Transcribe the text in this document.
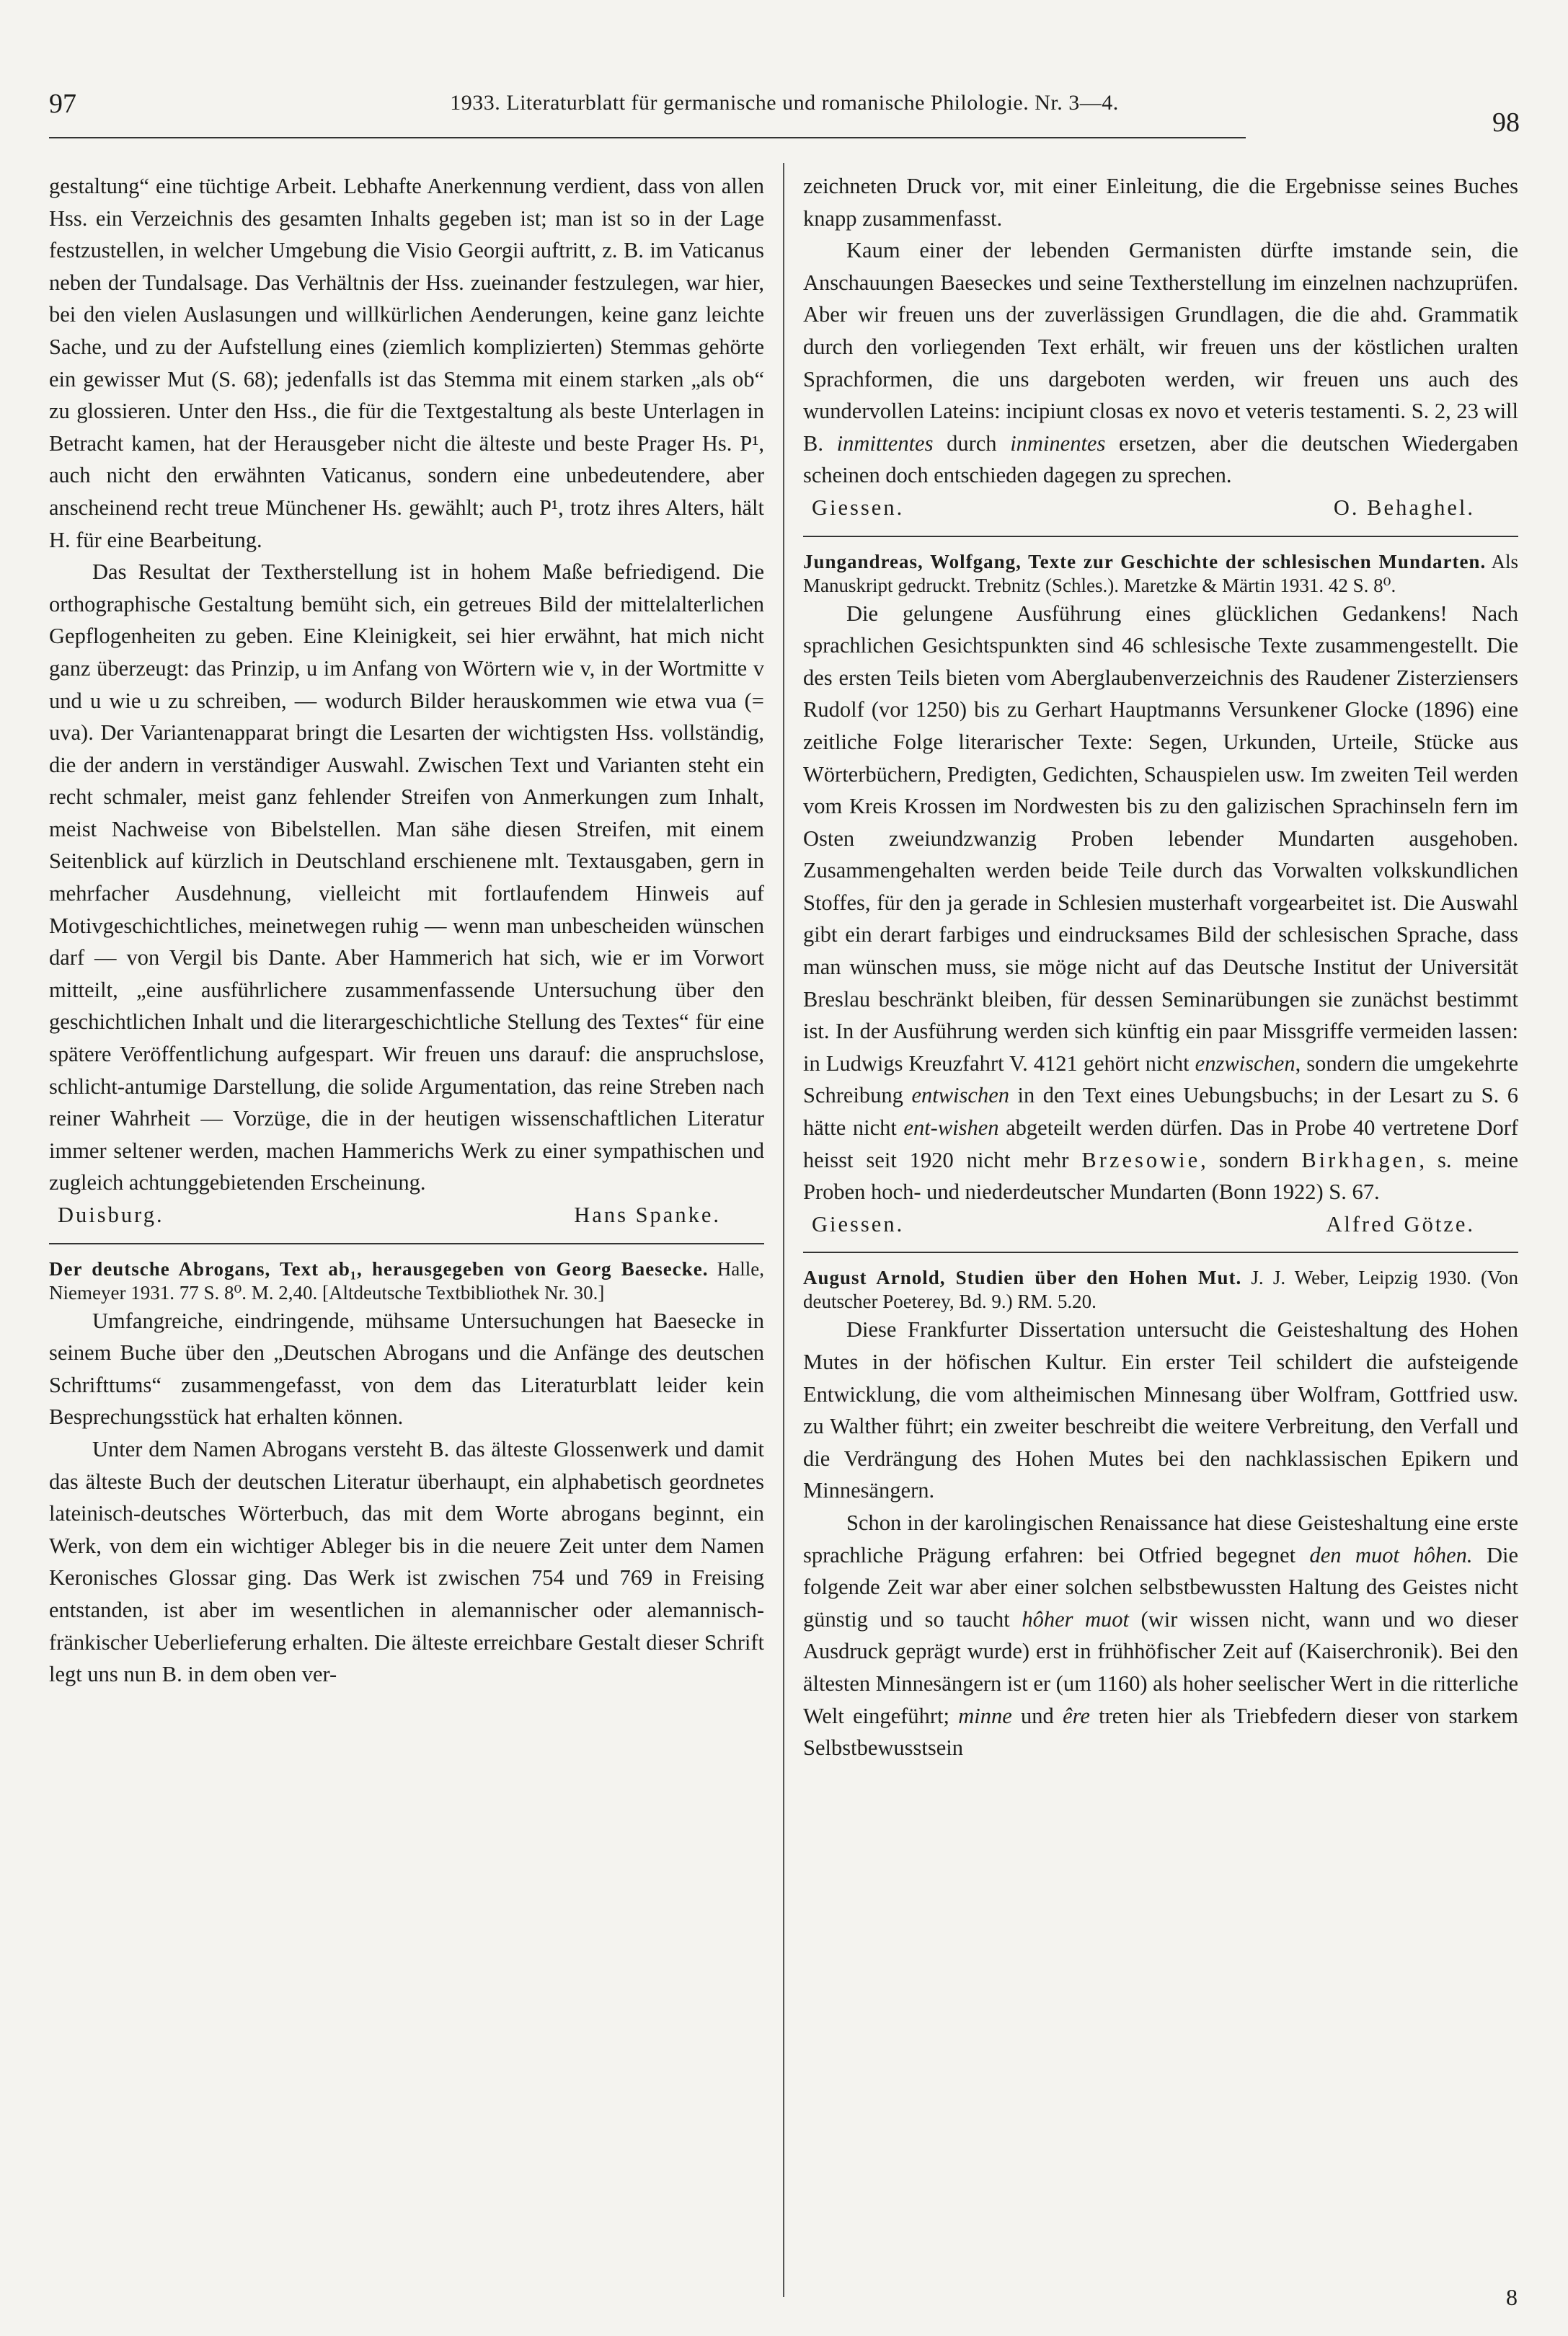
97	1933. Literaturblatt für germanische und romanische Philologie. Nr. 3—4.
98

gestaltung“ eine tüchtige Arbeit. Lebhafte Anerkennung verdient, dass von allen Hss. ein Verzeichnis des gesamten Inhalts gegeben ist; man ist so in der Lage festzustellen, in welcher Umgebung die Visio Georgii auftritt, z. B. im Vaticanus neben der Tundalsage. Das Verhältnis der Hss. zueinander festzulegen, war hier, bei den vielen Auslasungen und willkürlichen Aenderungen, keine ganz leichte Sache, und zu der Aufstellung eines (ziemlich komplizierten) Stemmas gehörte ein gewisser Mut (S. 68); jedenfalls ist das Stemma mit einem starken „als ob“ zu glossieren. Unter den Hss., die für die Textgestaltung als beste Unterlagen in Betracht kamen, hat der Herausgeber nicht die älteste und beste Prager Hs. P¹, auch nicht den erwähnten Vaticanus, sondern eine unbedeutendere, aber anscheinend recht treue Münchener Hs. gewählt; auch P¹, trotz ihres Alters, hält H. für eine Bearbeitung.

Das Resultat der Textherstellung ist in hohem Maße befriedigend. Die orthographische Gestaltung bemüht sich, ein getreues Bild der mittelalterlichen Gepflogenheiten zu geben. Eine Kleinigkeit, sei hier erwähnt, hat mich nicht ganz überzeugt: das Prinzip, u im Anfang von Wörtern wie v, in der Wortmitte v und u wie u zu schreiben, — wodurch Bilder herauskommen wie etwa vua (= uva). Der Variantenapparat bringt die Lesarten der wichtigsten Hss. vollständig, die der andern in verständiger Auswahl. Zwischen Text und Varianten steht ein recht schmaler, meist ganz fehlender Streifen von Anmerkungen zum Inhalt, meist Nachweise von Bibelstellen. Man sähe diesen Streifen, mit einem Seitenblick auf kürzlich in Deutschland erschienene mlt. Textausgaben, gern in mehrfacher Ausdehnung, vielleicht mit fortlaufendem Hinweis auf Motivgeschichtliches, meinetwegen ruhig — wenn man unbescheiden wünschen darf — von Vergil bis Dante. Aber Hammerich hat sich, wie er im Vorwort mitteilt, „eine ausführlichere zusammenfassende Untersuchung über den geschichtlichen Inhalt und die literargeschichtliche Stellung des Textes“ für eine spätere Veröffentlichung aufgespart. Wir freuen uns darauf: die anspruchslose, schlicht-antumige Darstellung, die solide Argumentation, das reine Streben nach reiner Wahrheit — Vorzüge, die in der heutigen wissenschaftlichen Literatur immer seltener werden, machen Hammerichs Werk zu einer sympathischen und zugleich achtunggebietenden Erscheinung.

Duisburg.	Hans Spanke.

Der deutsche Abrogans, Text ab₁, herausgegeben von Georg Baesecke. Halle, Niemeyer 1931. 77 S. 8⁰. M. 2,40. [Altdeutsche Textbibliothek Nr. 30.]

Umfangreiche, eindringende, mühsame Untersuchungen hat Baesecke in seinem Buche über den „Deutschen Abrogans und die Anfänge des deutschen Schrifttums“ zusammengefasst, von dem das Literaturblatt leider kein Besprechungsstück hat erhalten können.

Unter dem Namen Abrogans versteht B. das älteste Glossenwerk und damit das älteste Buch der deutschen Literatur überhaupt, ein alphabetisch geordnetes lateinisch-deutsches Wörterbuch, das mit dem Worte abrogans beginnt, ein Werk, von dem ein wichtiger Ableger bis in die neuere Zeit unter dem Namen Keronisches Glossar ging. Das Werk ist zwischen 754 und 769 in Freising entstanden, ist aber im wesentlichen in alemannischer oder alemannisch-fränkischer Ueberlieferung erhalten. Die älteste erreichbare Gestalt dieser Schrift legt uns nun B. in dem oben ver-

zeichneten Druck vor, mit einer Einleitung, die die Ergebnisse seines Buches knapp zusammenfasst.

Kaum einer der lebenden Germanisten dürfte imstande sein, die Anschauungen Baeseckes und seine Textherstellung im einzelnen nachzuprüfen. Aber wir freuen uns der zuverlässigen Grundlagen, die die ahd. Grammatik durch den vorliegenden Text erhält, wir freuen uns der köstlichen uralten Sprachformen, die uns dargeboten werden, wir freuen uns auch des wundervollen Lateins: incipiunt closas ex novo et veteris testamenti. S. 2, 23 will B. inmittentes durch inminentes ersetzen, aber die deutschen Wiedergaben scheinen doch entschieden dagegen zu sprechen.

Giessen.	O. Behaghel.

Jungandreas, Wolfgang, Texte zur Geschichte der schlesischen Mundarten. Als Manuskript gedruckt. Trebnitz (Schles.). Maretzke & Märtin 1931. 42 S. 8⁰.

Die gelungene Ausführung eines glücklichen Gedankens! Nach sprachlichen Gesichtspunkten sind 46 schlesische Texte zusammengestellt. Die des ersten Teils bieten vom Aberglaubenverzeichnis des Raudener Zisterziensers Rudolf (vor 1250) bis zu Gerhart Hauptmanns Versunkener Glocke (1896) eine zeitliche Folge literarischer Texte: Segen, Urkunden, Urteile, Stücke aus Wörterbüchern, Predigten, Gedichten, Schauspielen usw. Im zweiten Teil werden vom Kreis Krossen im Nordwesten bis zu den galizischen Sprachinseln fern im Osten zweiundzwanzig Proben lebender Mundarten ausgehoben. Zusammengehalten werden beide Teile durch das Vorwalten volkskundlichen Stoffes, für den ja gerade in Schlesien musterhaft vorgearbeitet ist. Die Auswahl gibt ein derart farbiges und eindrucksames Bild der schlesischen Sprache, dass man wünschen muss, sie möge nicht auf das Deutsche Institut der Universität Breslau beschränkt bleiben, für dessen Seminarübungen sie zunächst bestimmt ist. In der Ausführung werden sich künftig ein paar Missgriffe vermeiden lassen: in Ludwigs Kreuzfahrt V. 4121 gehört nicht enzwischen, sondern die umgekehrte Schreibung entwischen in den Text eines Uebungsbuchs; in der Lesart zu S. 6 hätte nicht ent-wishen abgeteilt werden dürfen. Das in Probe 40 vertretene Dorf heisst seit 1920 nicht mehr Brzesowie, sondern Birkhagen, s. meine Proben hoch- und niederdeutscher Mundarten (Bonn 1922) S. 67.

Giessen.	Alfred Götze.

August Arnold, Studien über den Hohen Mut. J. J. Weber, Leipzig 1930. (Von deutscher Poeterey, Bd. 9.) RM. 5.20.

Diese Frankfurter Dissertation untersucht die Geisteshaltung des Hohen Mutes in der höfischen Kultur. Ein erster Teil schildert die aufsteigende Entwicklung, die vom altheimischen Minnesang über Wolfram, Gottfried usw. zu Walther führt; ein zweiter beschreibt die weitere Verbreitung, den Verfall und die Verdrängung des Hohen Mutes bei den nachklassischen Epikern und Minnesängern.

Schon in der karolingischen Renaissance hat diese Geisteshaltung eine erste sprachliche Prägung erfahren: bei Otfried begegnet den muot hôhen. Die folgende Zeit war aber einer solchen selbstbewussten Haltung des Geistes nicht günstig und so taucht hôher muot (wir wissen nicht, wann und wo dieser Ausdruck geprägt wurde) erst in frühhöfischer Zeit auf (Kaiserchronik). Bei den ältesten Minnesängern ist er (um 1160) als hoher seelischer Wert in die ritterliche Welt eingeführt; minne und êre treten hier als Triebfedern dieser von starkem Selbstbewusstsein

8
